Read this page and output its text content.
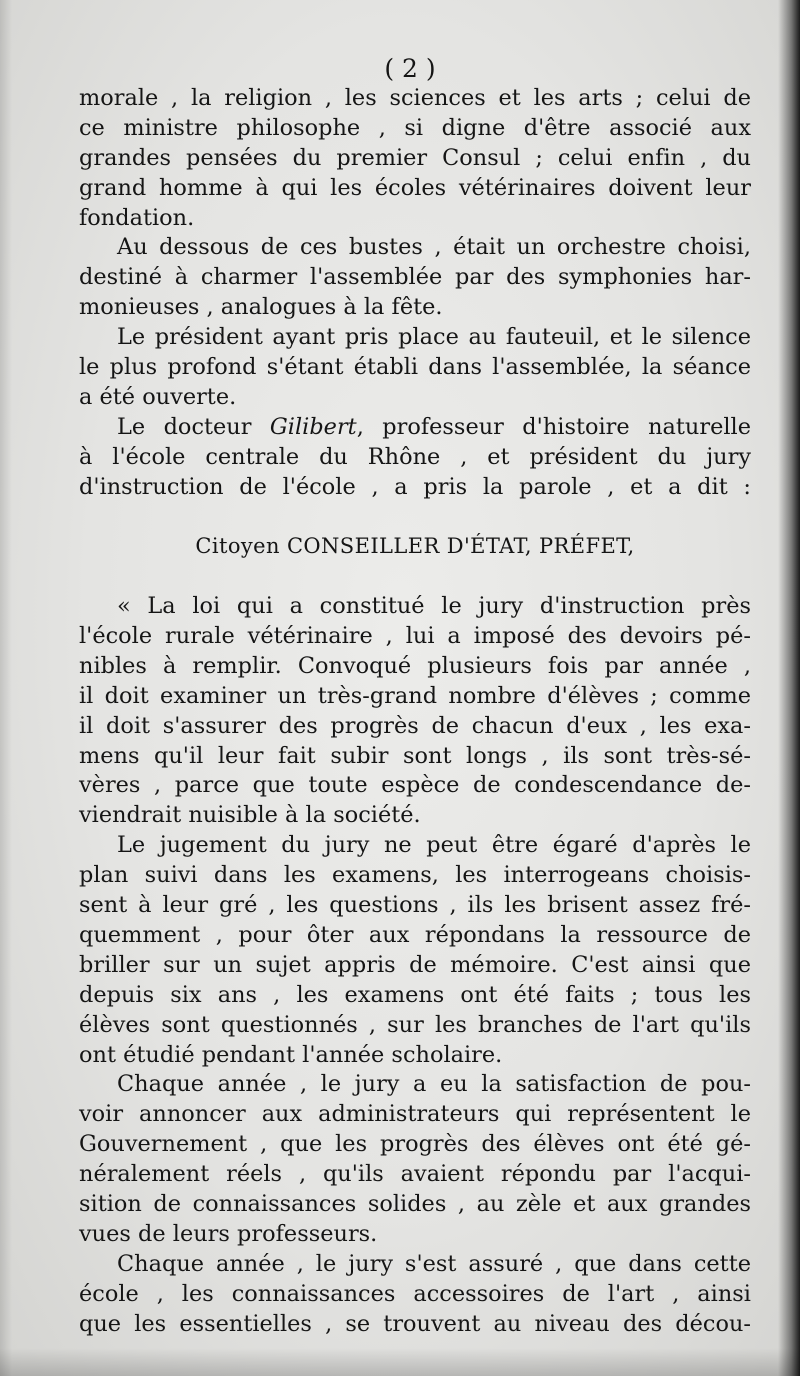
( 2 )
morale , la religion , les sciences et les arts ; celui de
ce ministre philosophe , si digne d'être associé aux
grandes pensées du premier Consul ; celui enfin , du
grand homme à qui les écoles vétérinaires doivent leur
fondation.
Au dessous de ces bustes , était un orchestre choisi,
destiné à charmer l'assemblée par des symphonies har-
monieuses , analogues à la fête.
Le président ayant pris place au fauteuil, et le silence
le plus profond s'étant établi dans l'assemblée, la séance
a été ouverte.
Le docteur Gilibert, professeur d'histoire naturelle
à l'école centrale du Rhône , et président du jury
d'instruction de l'école , a pris la parole , et a dit :
Citoyen CONSEILLER D'ÉTAT, PRÉFET,
« La loi qui a constitué le jury d'instruction près
l'école rurale vétérinaire , lui a imposé des devoirs pé-
nibles à remplir. Convoqué plusieurs fois par année ,
il doit examiner un très-grand nombre d'élèves ; comme
il doit s'assurer des progrès de chacun d'eux , les exa-
mens qu'il leur fait subir sont longs , ils sont très-sé-
vères , parce que toute espèce de condescendance de-
viendrait nuisible à la société.
Le jugement du jury ne peut être égaré d'après le
plan suivi dans les examens, les interrogeans choisis-
sent à leur gré , les questions , ils les brisent assez fré-
quemment , pour ôter aux répondans la ressource de
briller sur un sujet appris de mémoire. C'est ainsi que
depuis six ans , les examens ont été faits ; tous les
élèves sont questionnés , sur les branches de l'art qu'ils
ont étudié pendant l'année scholaire.
Chaque année , le jury a eu la satisfaction de pou-
voir annoncer aux administrateurs qui représentent le
Gouvernement , que les progrès des élèves ont été gé-
néralement réels , qu'ils avaient répondu par l'acqui-
sition de connaissances solides , au zèle et aux grandes
vues de leurs professeurs.
Chaque année , le jury s'est assuré , que dans cette
école , les connaissances accessoires de l'art , ainsi
que les essentielles , se trouvent au niveau des décou-
